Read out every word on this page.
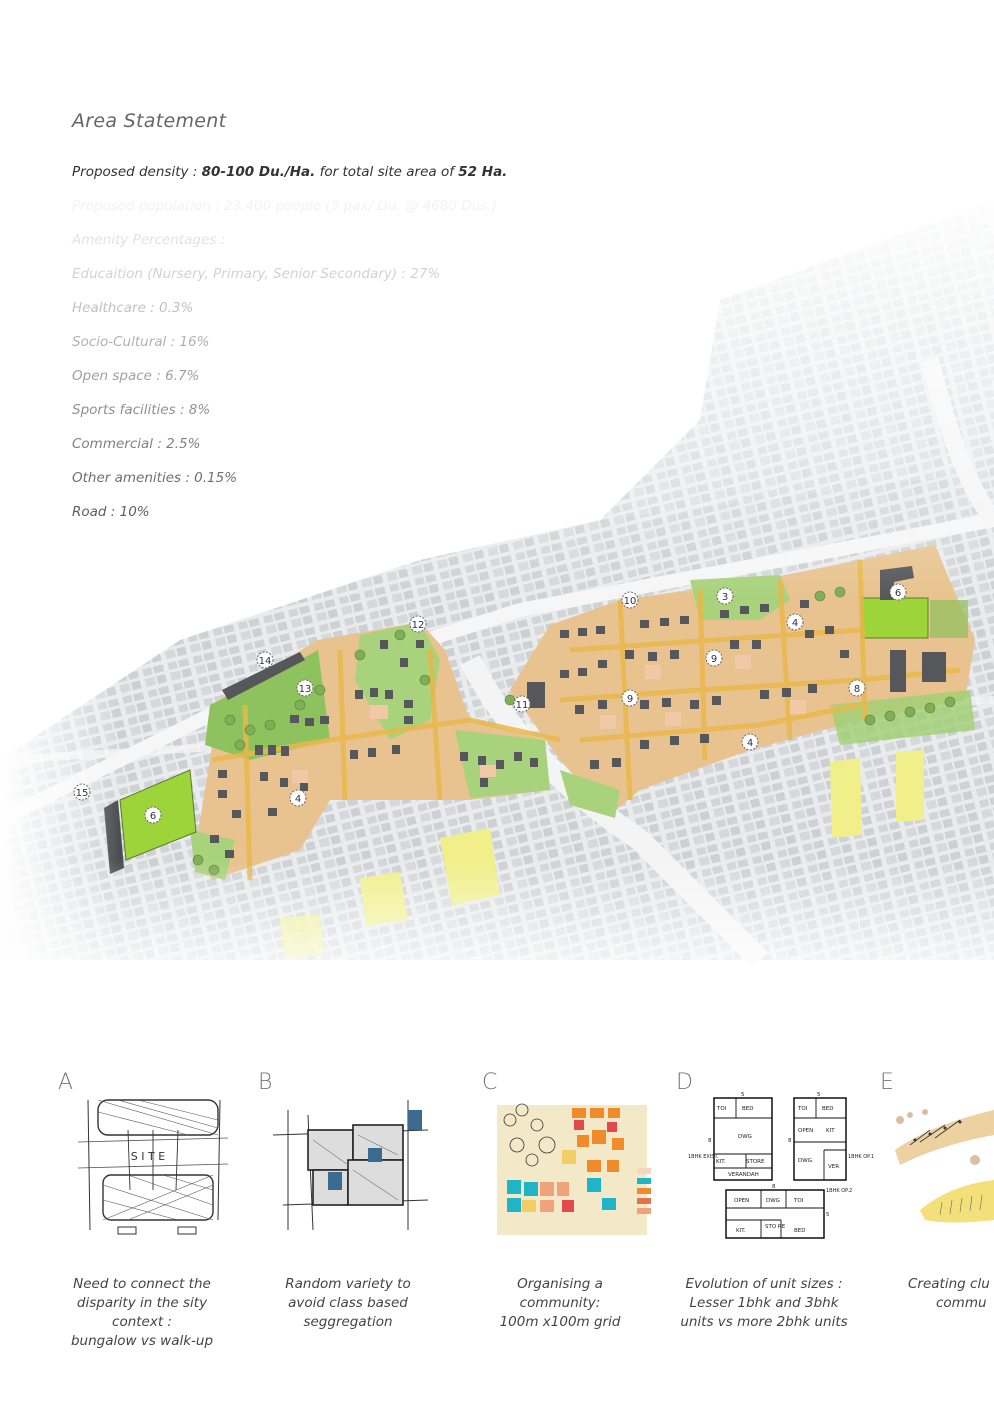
Area Statement
Proposed density : 80-100 Du./Ha. for total site area of 52 Ha.
3
4
4
4
6
6
8
9
9
10
11
12
13
14
15
A
S I T E
Need to connect the
disparity in the sity
context :
bungalow vs walk-up
B
Random variety to
avoid class based
seggregation
C
Organising a
community:
100m x100m grid
D
TOI	BED
DWG
KIT.	STORE
VERANDAH
1BHK EXIST.
TOI	BED
OPEN KIT
DWG.
VER
1BHK OP.1
OPEN	DWG	TOI
KIT.
STO RE
BED
1BHK OP.2
5	5
8	8
8
5
Evolution of unit sizes :
Lesser 1bhk and 3bhk
units vs more 2bhk units
E
Creating clu
commu
